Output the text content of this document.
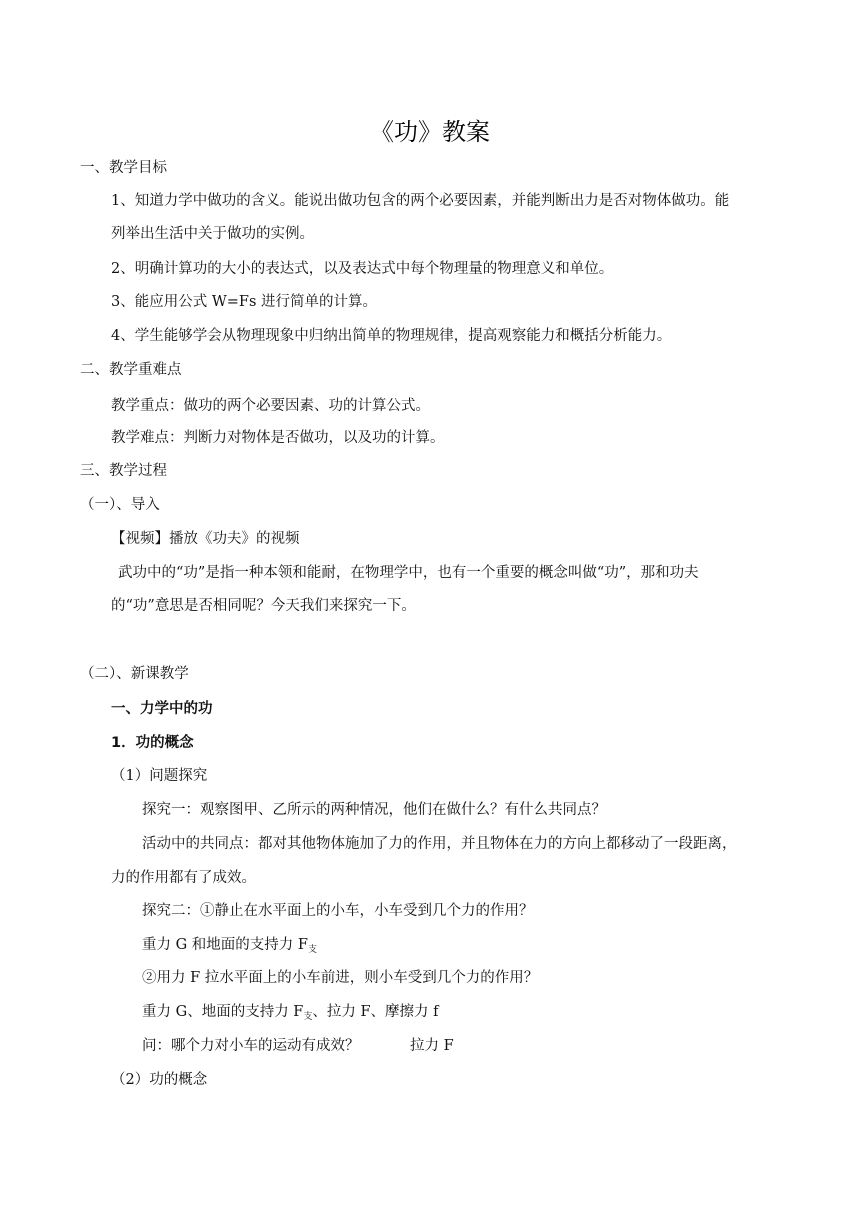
《功》教案
一、教学目标
1、知道力学中做功的含义。能说出做功包含的两个必要因素，并能判断出力是否对物体做功。能
列举出生活中关于做功的实例。
2、明确计算功的大小的表达式，以及表达式中每个物理量的物理意义和单位。
3、能应用公式 W=Fs 进行简单的计算。
4、学生能够学会从物理现象中归纳出简单的物理规律，提高观察能力和概括分析能力。
二、教学重难点
教学重点：做功的两个必要因素、功的计算公式。
教学难点：判断力对物体是否做功，以及功的计算。
三、教学过程
（一）、导入
【视频】播放《功夫》的视频
武功中的“功”是指一种本领和能耐，在物理学中，也有一个重要的概念叫做“功”，那和功夫
的“功”意思是否相同呢？今天我们来探究一下。
（二）、新课教学
一、力学中的功
1．功的概念
（1）问题探究
探究一：观察图甲、乙所示的两种情况，他们在做什么？有什么共同点？
活动中的共同点：都对其他物体施加了力的作用，并且物体在力的方向上都移动了一段距离，
力的作用都有了成效。
探究二：①静止在水平面上的小车，小车受到几个力的作用？
重力 G 和地面的支持力 $F_支$
②用力 F 拉水平面上的小车前进，则小车受到几个力的作用？
重力 G、地面的支持力 $F_支$、拉力 F、摩擦力 f
问：哪个力对小车的运动有成效？	拉力 F
（2）功的概念
